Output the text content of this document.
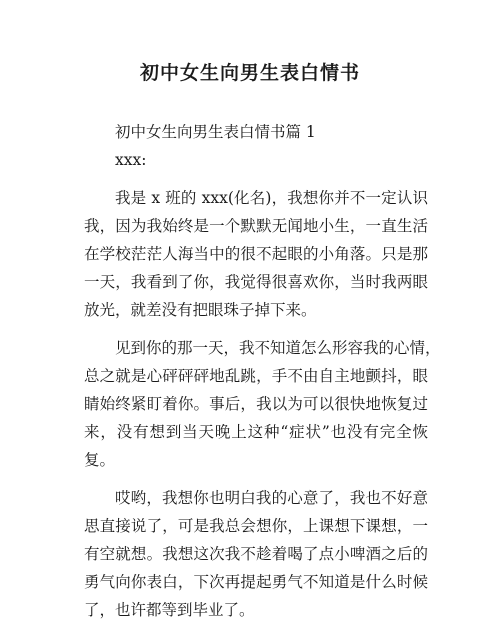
初中女生向男生表白情书
初中女生向男生表白情书篇 1
xxx:
我是 x 班的 xxx(化名)，我想你并不一定认识
我，因为我始终是一个默默无闻地小生，一直生活
在学校茫茫人海当中的很不起眼的小角落。只是那
一天，我看到了你，我觉得很喜欢你，当时我两眼
放光，就差没有把眼珠子掉下来。
见到你的那一天，我不知道怎么形容我的心情，
总之就是心砰砰砰地乱跳，手不由自主地颤抖，眼
睛始终紧盯着你。事后，我以为可以很快地恢复过
来，没有想到当天晚上这种“症状”也没有完全恢
复。
哎哟，我想你也明白我的心意了，我也不好意
思直接说了，可是我总会想你，上课想下课想，一
有空就想。我想这次我不趁着喝了点小啤酒之后的
勇气向你表白，下次再提起勇气不知道是什么时候
了，也许都等到毕业了。
